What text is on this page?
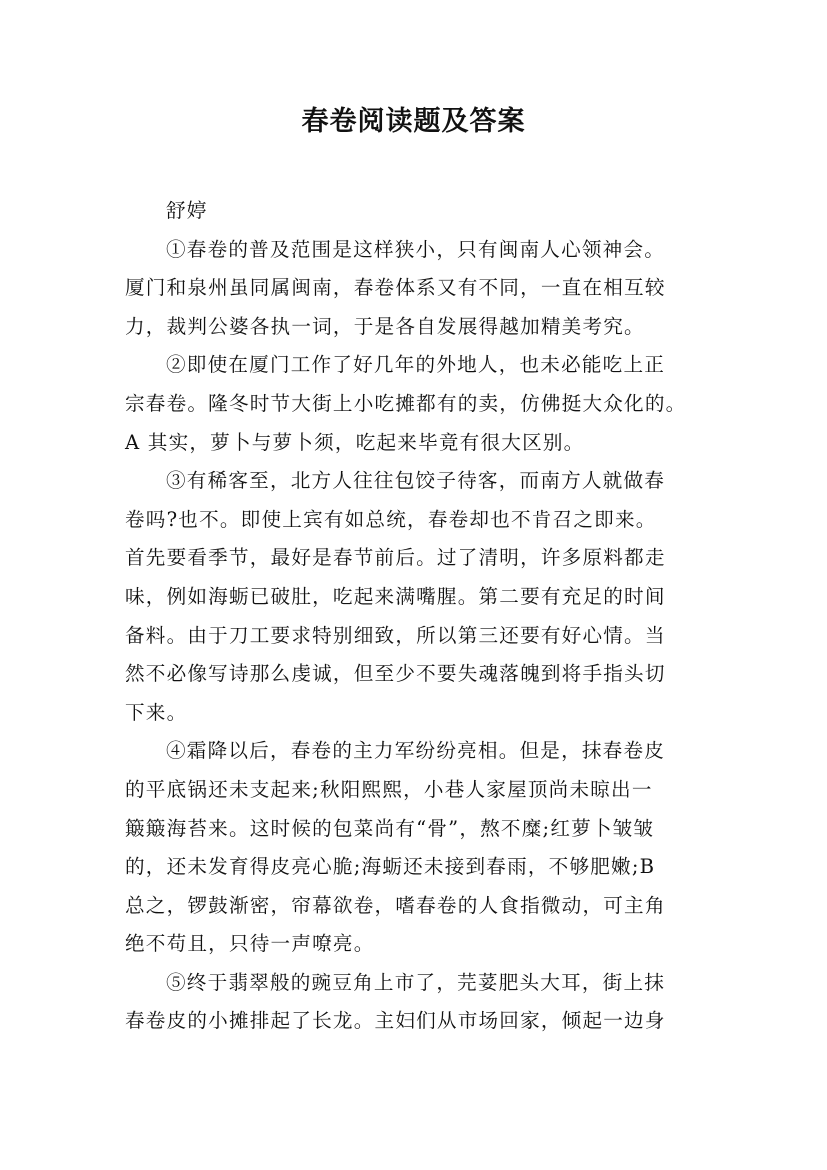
春卷阅读题及答案
舒婷
①春卷的普及范围是这样狭小，只有闽南人心领神会。
厦门和泉州虽同属闽南，春卷体系又有不同，一直在相互较
力，裁判公婆各执一词，于是各自发展得越加精美考究。
②即使在厦门工作了好几年的外地人，也未必能吃上正
宗春卷。隆冬时节大街上小吃摊都有的卖，仿佛挺大众化的。
A 其实，萝卜与萝卜须，吃起来毕竟有很大区别。
③有稀客至，北方人往往包饺子待客，而南方人就做春
卷吗?也不。即使上宾有如总统，春卷却也不肯召之即来。
首先要看季节，最好是春节前后。过了清明，许多原料都走
味，例如海蛎已破肚，吃起来满嘴腥。第二要有充足的时间
备料。由于刀工要求特别细致，所以第三还要有好心情。当
然不必像写诗那么虔诚，但至少不要失魂落魄到将手指头切
下来。
④霜降以后，春卷的主力军纷纷亮相。但是，抹春卷皮
的平底锅还未支起来;秋阳熙熙，小巷人家屋顶尚未晾出一
簸簸海苔来。这时候的包菜尚有“骨”，熬不糜;红萝卜皱皱
的，还未发育得皮亮心脆;海蛎还未接到春雨，不够肥嫩;B
总之，锣鼓渐密，帘幕欲卷，嗜春卷的人食指微动，可主角
绝不苟且，只待一声嘹亮。
⑤终于翡翠般的豌豆角上市了，芫荽肥头大耳，街上抹
春卷皮的小摊排起了长龙。主妇们从市场回家，倾起一边身
